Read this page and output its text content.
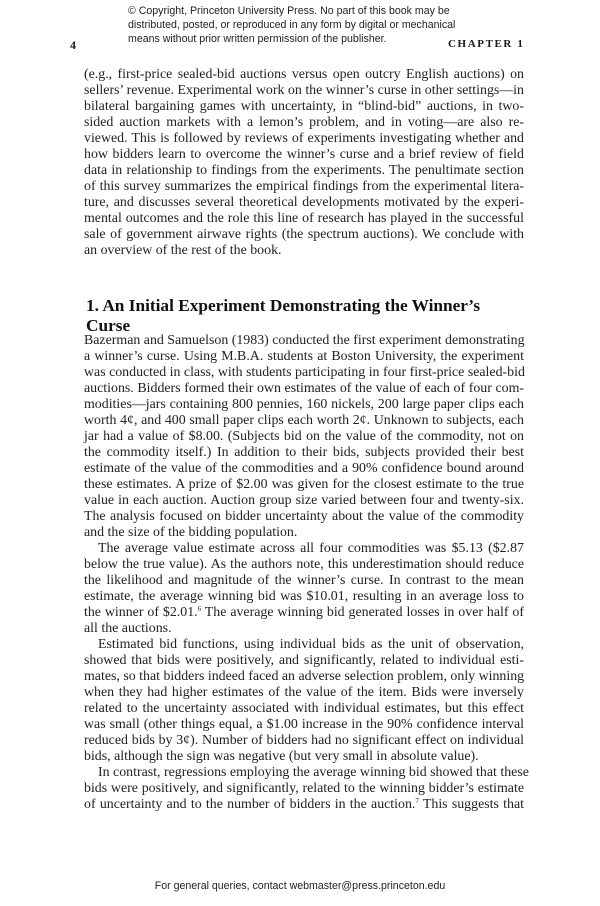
© Copyright, Princeton University Press. No part of this book may be
distributed, posted, or reproduced in any form by digital or mechanical
means without prior written permission of the publisher.
4	CHAPTER 1
(e.g., first-price sealed-bid auctions versus open outcry English auctions) on
sellers’ revenue. Experimental work on the winner’s curse in other settings—in
bilateral bargaining games with uncertainty, in “blind-bid” auctions, in two-
sided auction markets with a lemon’s problem, and in voting—are also re-
viewed. This is followed by reviews of experiments investigating whether and
how bidders learn to overcome the winner’s curse and a brief review of field
data in relationship to findings from the experiments. The penultimate section
of this survey summarizes the empirical findings from the experimental litera-
ture, and discusses several theoretical developments motivated by the experi-
mental outcomes and the role this line of research has played in the successful
sale of government airwave rights (the spectrum auctions). We conclude with
an overview of the rest of the book.
1. An Initial Experiment Demonstrating the Winner’s Curse
Bazerman and Samuelson (1983) conducted the first experiment demonstrating
a winner’s curse. Using M.B.A. students at Boston University, the experiment
was conducted in class, with students participating in four first-price sealed-bid
auctions. Bidders formed their own estimates of the value of each of four com-
modities—jars containing 800 pennies, 160 nickels, 200 large paper clips each
worth 4¢, and 400 small paper clips each worth 2¢. Unknown to subjects, each
jar had a value of $8.00. (Subjects bid on the value of the commodity, not on
the commodity itself.) In addition to their bids, subjects provided their best
estimate of the value of the commodities and a 90% confidence bound around
these estimates. A prize of $2.00 was given for the closest estimate to the true
value in each auction. Auction group size varied between four and twenty-six.
The analysis focused on bidder uncertainty about the value of the commodity
and the size of the bidding population.
The average value estimate across all four commodities was $5.13 ($2.87
below the true value). As the authors note, this underestimation should reduce
the likelihood and magnitude of the winner’s curse. In contrast to the mean
estimate, the average winning bid was $10.01, resulting in an average loss to
the winner of $2.01.$^6$ The average winning bid generated losses in over half of
all the auctions.
Estimated bid functions, using individual bids as the unit of observation,
showed that bids were positively, and significantly, related to individual esti-
mates, so that bidders indeed faced an adverse selection problem, only winning
when they had higher estimates of the value of the item. Bids were inversely
related to the uncertainty associated with individual estimates, but this effect
was small (other things equal, a $1.00 increase in the 90% confidence interval
reduced bids by 3¢). Number of bidders had no significant effect on individual
bids, although the sign was negative (but very small in absolute value).
In contrast, regressions employing the average winning bid showed that these
bids were positively, and significantly, related to the winning bidder’s estimate
of uncertainty and to the number of bidders in the auction.$^7$ This suggests that
For general queries, contact webmaster@press.princeton.edu
